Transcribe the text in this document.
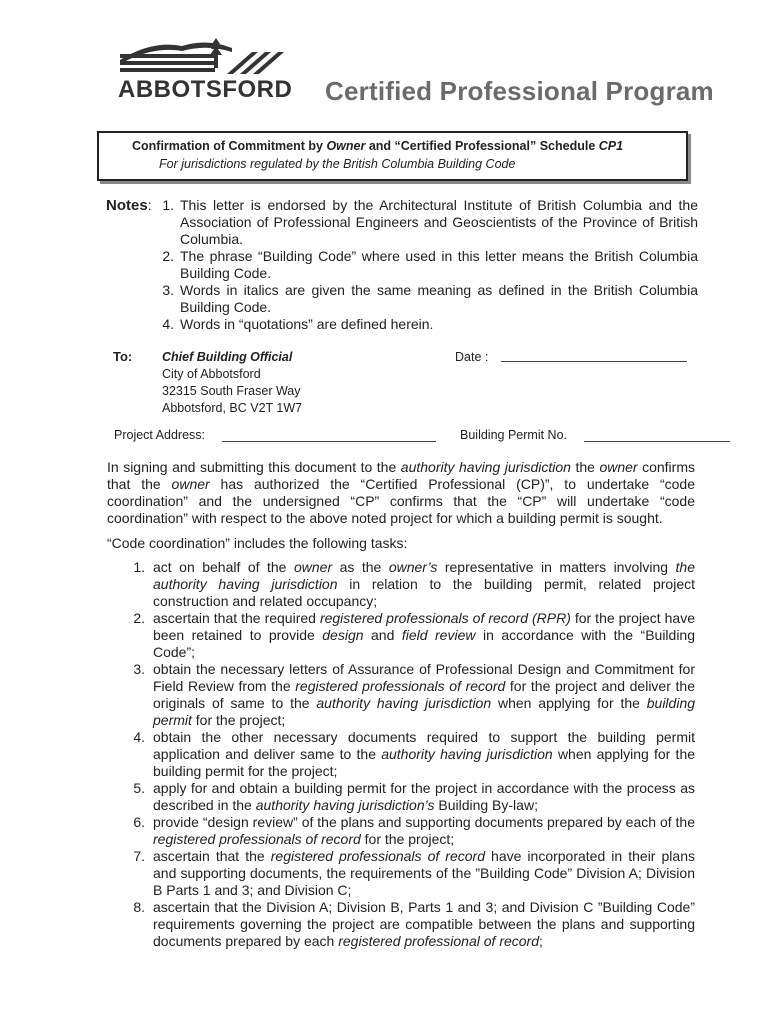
ABBOTSFORD Certified Professional Program
Confirmation of Commitment by Owner and “Certified Professional” Schedule CP1
For jurisdictions regulated by the British Columbia Building Code
Notes: 1. This letter is endorsed by the Architectural Institute of British Columbia and the Association of Professional Engineers and Geoscientists of the Province of British Columbia.
2. The phrase “Building Code” where used in this letter means the British Columbia Building Code.
3. Words in italics are given the same meaning as defined in the British Columbia Building Code.
4. Words in “quotations” are defined herein.
To: Chief Building Official
City of Abbotsford
32315 South Fraser Way
Abbotsford, BC V2T 1W7
Date :
Project Address:	Building Permit No.
In signing and submitting this document to the authority having jurisdiction the owner confirms that the owner has authorized the “Certified Professional (CP)”, to undertake “code coordination” and the undersigned “CP” confirms that the “CP” will undertake “code coordination” with respect to the above noted project for which a building permit is sought.
“Code coordination” includes the following tasks:
1. act on behalf of the owner as the owner’s representative in matters involving the authority having jurisdiction in relation to the building permit, related project construction and related occupancy;
2. ascertain that the required registered professionals of record (RPR) for the project have been retained to provide design and field review in accordance with the “Building Code”;
3. obtain the necessary letters of Assurance of Professional Design and Commitment for Field Review from the registered professionals of record for the project and deliver the originals of same to the authority having jurisdiction when applying for the building permit for the project;
4. obtain the other necessary documents required to support the building permit application and deliver same to the authority having jurisdiction when applying for the building permit for the project;
5. apply for and obtain a building permit for the project in accordance with the process as described in the authority having jurisdiction’s Building By-law;
6. provide “design review” of the plans and supporting documents prepared by each of the registered professionals of record for the project;
7. ascertain that the registered professionals of record have incorporated in their plans and supporting documents, the requirements of the ”Building Code” Division A; Division B Parts 1 and 3; and Division C;
8. ascertain that the Division A; Division B, Parts 1 and 3; and Division C ”Building Code” requirements governing the project are compatible between the plans and supporting documents prepared by each registered professional of record;
